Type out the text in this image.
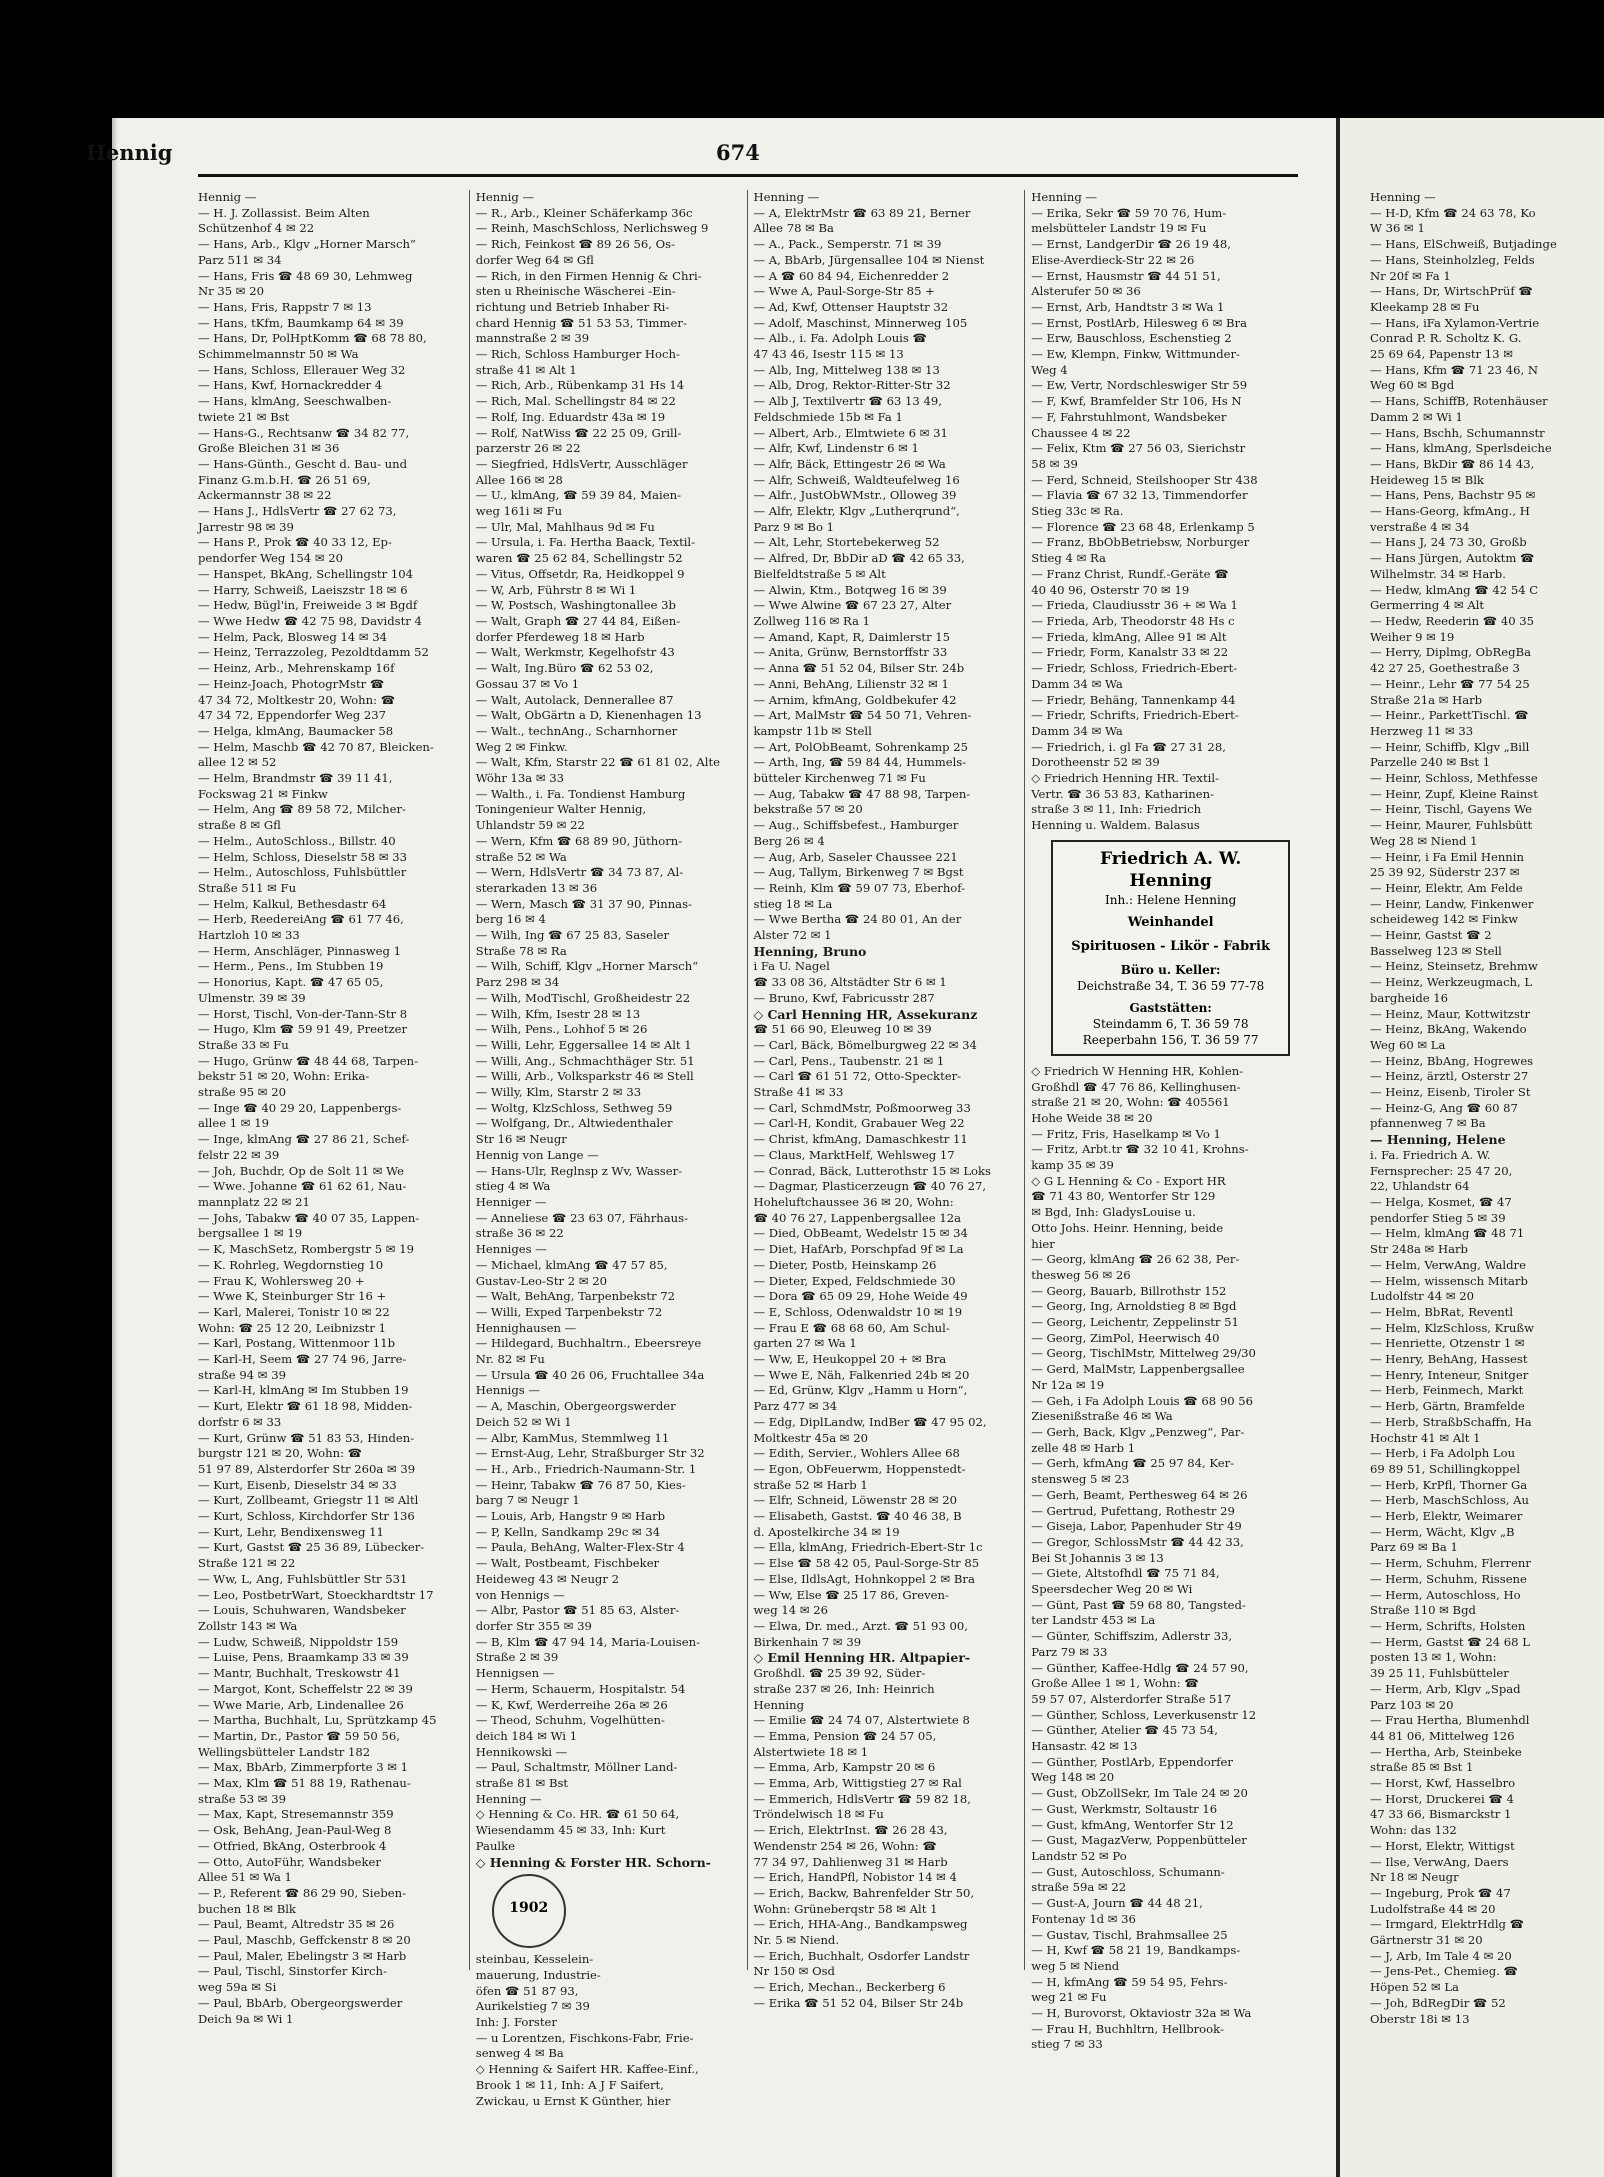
Hennig	674
Hennig —
— H. J. Zollassist. Beim Alten
Schützenhof 4 ✉ 22
— Hans, Arb., Klgv „Horner Marsch“
Parz 511 ✉ 34
— Hans, Fris ☎ 48 69 30, Lehmweg
Nr 35 ✉ 20
— Hans, Fris, Rappstr 7 ✉ 13
— Hans, tKfm, Baumkamp 64 ✉ 39
— Hans, Dr, PolHptKomm ☎ 68 78 80,
Schimmelmannstr 50 ✉ Wa
— Hans, Schloss, Ellerauer Weg 32
— Hans, Kwf, Hornackredder 4
— Hans, klmAng, Seeschwalben-
twiete 21 ✉ Bst
— Hans-G., Rechtsanw ☎ 34 82 77,
Große Bleichen 31 ✉ 36
— Hans-Günth., Gescht d. Bau- und
Finanz G.m.b.H. ☎ 26 51 69,
Ackermannstr 38 ✉ 22
— Hans J., HdlsVertr ☎ 27 62 73,
Jarrestr 98 ✉ 39
— Hans P., Prok ☎ 40 33 12, Ep-
pendorfer Weg 154 ✉ 20
— Hanspet, BkAng, Schellingstr 104
— Harry, Schweiß, Laeiszstr 18 ✉ 6
— Hedw, Bügl'in, Freiweide 3 ✉ Bgdf
— Wwe Hedw ☎ 42 75 98, Davidstr 4
— Helm, Pack, Blosweg 14 ✉ 34
— Heinz, Terrazzoleg, Pezoldtdamm 52
— Heinz, Arb., Mehrenskamp 16f
— Heinz-Joach, PhotogrMstr ☎
47 34 72, Moltkestr 20, Wohn: ☎
47 34 72, Eppendorfer Weg 237
— Helga, klmAng, Baumacker 58
— Helm, Maschb ☎ 42 70 87, Bleicken-
allee 12 ✉ 52
— Helm, Brandmstr ☎ 39 11 41,
Fockswag 21 ✉ Finkw
— Helm, Ang ☎ 89 58 72, Milcher-
straße 8 ✉ Gfl
— Helm., AutoSchloss., Billstr. 40
— Helm, Schloss, Dieselstr 58 ✉ 33
— Helm., Autoschloss, Fuhlsbüttler
Straße 511 ✉ Fu
— Helm, Kalkul, Bethesdastr 64
— Herb, ReedereiAng ☎ 61 77 46,
Hartzloh 10 ✉ 33
— Herm, Anschläger, Pinnasweg 1
— Herm., Pens., Im Stubben 19
— Honorius, Kapt. ☎ 47 65 05,
Ulmenstr. 39 ✉ 39
— Horst, Tischl, Von-der-Tann-Str 8
— Hugo, Klm ☎ 59 91 49, Preetzer
Straße 33 ✉ Fu
— Hugo, Grünw ☎ 48 44 68, Tarpen-
bekstr 51 ✉ 20, Wohn: Erika-
straße 95 ✉ 20
— Inge ☎ 40 29 20, Lappenbergs-
allee 1 ✉ 19
— Inge, klmAng ☎ 27 86 21, Schef-
felstr 22 ✉ 39
— Joh, Buchdr, Op de Solt 11 ✉ We
— Wwe. Johanne ☎ 61 62 61, Nau-
mannplatz 22 ✉ 21
— Johs, Tabakw ☎ 40 07 35, Lappen-
bergsallee 1 ✉ 19
— K, MaschSetz, Rombergstr 5 ✉ 19
— K. Rohrleg, Wegdornstieg 10
— Frau K, Wohlersweg 20 +
— Wwe K, Steinburger Str 16 +
— Karl, Malerei, Tonistr 10 ✉ 22
Wohn: ☎ 25 12 20, Leibnizstr 1
— Karl, Postang, Wittenmoor 11b
— Karl-H, Seem ☎ 27 74 96, Jarre-
straße 94 ✉ 39
— Karl-H, klmAng ✉ Im Stubben 19
— Kurt, Elektr ☎ 61 18 98, Midden-
dorfstr 6 ✉ 33
— Kurt, Grünw ☎ 51 83 53, Hinden-
burgstr 121 ✉ 20, Wohn: ☎
51 97 89, Alsterdorfer Str 260a ✉ 39
— Kurt, Eisenb, Dieselstr 34 ✉ 33
— Kurt, Zollbeamt, Griegstr 11 ✉ Altl
— Kurt, Schloss, Kirchdorfer Str 136
— Kurt, Lehr, Bendixensweg 11
— Kurt, Gastst ☎ 25 36 89, Lübecker-
Straße 121 ✉ 22
— Ww, L, Ang, Fuhlsbüttler Str 531
— Leo, PostbetrWart, Stoeckhardtstr 17
— Louis, Schuhwaren, Wandsbeker
Zollstr 143 ✉ Wa
— Ludw, Schweiß, Nippoldstr 159
— Luise, Pens, Braamkamp 33 ✉ 39
— Mantr, Buchhalt, Treskowstr 41
— Margot, Kont, Scheffelstr 22 ✉ 39
— Wwe Marie, Arb, Lindenallee 26
— Martha, Buchhalt, Lu, Sprützkamp 45
— Martin, Dr., Pastor ☎ 59 50 56,
Wellingsbütteler Landstr 182
— Max, BbArb, Zimmerpforte 3 ✉ 1
— Max, Klm ☎ 51 88 19, Rathenau-
straße 53 ✉ 39
— Max, Kapt, Stresemannstr 359
— Osk, BehAng, Jean-Paul-Weg 8
— Otfried, BkAng, Osterbrook 4
— Otto, AutoFühr, Wandsbeker
Allee 51 ✉ Wa 1
— P., Referent ☎ 86 29 90, Sieben-
buchen 18 ✉ Blk
— Paul, Beamt, Altredstr 35 ✉ 26
— Paul, Maschb, Geffckenstr 8 ✉ 20
— Paul, Maler, Ebelingstr 3 ✉ Harb
— Paul, Tischl, Sinstorfer Kirch-
weg 59a ✉ Si
— Paul, BbArb, Obergeorgswerder
Deich 9a ✉ Wi 1
Hennig —
— R., Arb., Kleiner Schäferkamp 36c
— Reinh, MaschSchloss, Nerlichsweg 9
— Rich, Feinkost ☎ 89 26 56, Os-
dorfer Weg 64 ✉ Gfl
— Rich, in den Firmen Hennig & Chri-
sten u Rheinische Wäscherei -Ein-
richtung und Betrieb Inhaber Ri-
chard Hennig ☎ 51 53 53, Timmer-
mannstraße 2 ✉ 39
— Rich, Schloss Hamburger Hoch-
straße 41 ✉ Alt 1
— Rich, Arb., Rübenkamp 31 Hs 14
— Rich, Mal. Schellingstr 84 ✉ 22
— Rolf, Ing. Eduardstr 43a ✉ 19
— Rolf, NatWiss ☎ 22 25 09, Grill-
parzerstr 26 ✉ 22
— Siegfried, HdlsVertr, Ausschläger
Allee 166 ✉ 28
— U., klmAng, ☎ 59 39 84, Maien-
weg 161i ✉ Fu
— Ulr, Mal, Mahlhaus 9d ✉ Fu
— Ursula, i. Fa. Hertha Baack, Textil-
waren ☎ 25 62 84, Schellingstr 52
— Vitus, Offsetdr, Ra, Heidkoppel 9
— W, Arb, Führstr 8 ✉ Wi 1
— W, Postsch, Washingtonallee 3b
— Walt, Graph ☎ 27 44 84, Eißen-
dorfer Pferdeweg 18 ✉ Harb
— Walt, Werkmstr, Kegelhofstr 43
— Walt, Ing.Büro ☎ 62 53 02,
Gossau 37 ✉ Vo 1
— Walt, Autolack, Dennerallee 87
— Walt, ObGärtn a D, Kienenhagen 13
— Walt., technAng., Scharnhorner
Weg 2 ✉ Finkw.
— Walt, Kfm, Starstr 22 ☎ 61 81 02, Alte
Wöhr 13a ✉ 33
— Walth., i. Fa. Tondienst Hamburg
Toningenieur Walter Hennig,
Uhlandstr 59 ✉ 22
— Wern, Kfm ☎ 68 89 90, Jüthorn-
straße 52 ✉ Wa
— Wern, HdlsVertr ☎ 34 73 87, Al-
sterarkaden 13 ✉ 36
— Wern, Masch ☎ 31 37 90, Pinnas-
berg 16 ✉ 4
— Wilh, Ing ☎ 67 25 83, Saseler
Straße 78 ✉ Ra
— Wilh, Schiff, Klgv „Horner Marsch“
Parz 298 ✉ 34
— Wilh, ModTischl, Großheidestr 22
— Wilh, Kfm, Isestr 28 ✉ 13
— Wilh, Pens., Lohhof 5 ✉ 26
— Willi, Lehr, Eggersallee 14 ✉ Alt 1
— Willi, Ang., Schmachthäger Str. 51
— Willi, Arb., Volksparkstr 46 ✉ Stell
— Willy, Klm, Starstr 2 ✉ 33
— Woltg, KlzSchloss, Sethweg 59
— Wolfgang, Dr., Altwiedenthaler
Str 16 ✉ Neugr
Hennig von Lange —
— Hans-Ulr, Reglnsp z Wv, Wasser-
stieg 4 ✉ Wa
Henniger —
— Anneliese ☎ 23 63 07, Fährhaus-
straße 36 ✉ 22
Henniges —
— Michael, klmAng ☎ 47 57 85,
Gustav-Leo-Str 2 ✉ 20
— Walt, BehAng, Tarpenbekstr 72
— Willi, Exped Tarpenbekstr 72
Hennighausen —
— Hildegard, Buchhaltrn., Ebeersreye
Nr. 82 ✉ Fu
— Ursula ☎ 40 26 06, Fruchtallee 34a
Hennigs —
— A, Maschin, Obergeorgswerder
Deich 52 ✉ Wi 1
— Albr, KamMus, Stemmlweg 11
— Ernst-Aug, Lehr, Straßburger Str 32
— H., Arb., Friedrich-Naumann-Str. 1
— Heinr, Tabakw ☎ 76 87 50, Kies-
barg 7 ✉ Neugr 1
— Louis, Arb, Hangstr 9 ✉ Harb
— P, Kelln, Sandkamp 29c ✉ 34
— Paula, BehAng, Walter-Flex-Str 4
— Walt, Postbeamt, Fischbeker
Heideweg 43 ✉ Neugr 2
von Hennigs —
— Albr, Pastor ☎ 51 85 63, Alster-
dorfer Str 355 ✉ 39
— B, Klm ☎ 47 94 14, Maria-Louisen-
Straße 2 ✉ 39
Hennigsen —
— Herm, Schauerm, Hospitalstr. 54
— K, Kwf, Werderreihe 26a ✉ 26
— Theod, Schuhm, Vogelhütten-
deich 184 ✉ Wi 1
Hennikowski —
— Paul, Schaltmstr, Möllner Land-
straße 81 ✉ Bst
Henning —
◇ Henning & Co. HR. ☎ 61 50 64,
Wiesendamm 45 ✉ 33, Inh: Kurt
Paulke
◇ Henning & Forster HR. Schorn-
1902
steinbau, Kesselein-
mauerung, Industrie-
öfen ☎ 51 87 93,
Aurikelstieg 7 ✉ 39
Inh: J. Forster
— u Lorentzen, Fischkons-Fabr, Frie-
senweg 4 ✉ Ba
◇ Henning & Saifert HR. Kaffee-Einf.,
Brook 1 ✉ 11, Inh: A J F Saifert,
Zwickau, u Ernst K Günther, hier
Henning —
— A, ElektrMstr ☎ 63 89 21, Berner
Allee 78 ✉ Ba
— A., Pack., Semperstr. 71 ✉ 39
— A, BbArb, Jürgensallee 104 ✉ Nienst
— A ☎ 60 84 94, Eichenredder 2
— Wwe A, Paul-Sorge-Str 85 +
— Ad, Kwf, Ottenser Hauptstr 32
— Adolf, Maschinst, Minnerweg 105
— Alb., i. Fa. Adolph Louis ☎
47 43 46, Isestr 115 ✉ 13
— Alb, Ing, Mittelweg 138 ✉ 13
— Alb, Drog, Rektor-Ritter-Str 32
— Alb J, Textilvertr ☎ 63 13 49,
Feldschmiede 15b ✉ Fa 1
— Albert, Arb., Elmtwiete 6 ✉ 31
— Alfr, Kwf, Lindenstr 6 ✉ 1
— Alfr, Bäck, Ettingestr 26 ✉ Wa
— Alfr, Schweiß, Waldteufelweg 16
— Alfr., JustObWMstr., Olloweg 39
— Alfr, Elektr, Klgv „Lutherqrund“,
Parz 9 ✉ Bo 1
— Alt, Lehr, Stortebekerweg 52
— Alfred, Dr, BbDir aD ☎ 42 65 33,
Bielfeldtstraße 5 ✉ Alt
— Alwin, Ktm., Botqweg 16 ✉ 39
— Wwe Alwine ☎ 67 23 27, Alter
Zollweg 116 ✉ Ra 1
— Amand, Kapt, R, Daimlerstr 15
— Anita, Grünw, Bernstorffstr 33
— Anna ☎ 51 52 04, Bilser Str. 24b
— Anni, BehAng, Lilienstr 32 ✉ 1
— Arnim, kfmAng, Goldbekufer 42
— Art, MalMstr ☎ 54 50 71, Vehren-
kampstr 11b ✉ Stell
— Art, PolObBeamt, Sohrenkamp 25
— Arth, Ing, ☎ 59 84 44, Hummels-
bütteler Kirchenweg 71 ✉ Fu
— Aug, Tabakw ☎ 47 88 98, Tarpen-
bekstraße 57 ✉ 20
— Aug., Schiffsbefest., Hamburger
Berg 26 ✉ 4
— Aug, Arb, Saseler Chaussee 221
— Aug, Tallym, Birkenweg 7 ✉ Bgst
— Reinh, Klm ☎ 59 07 73, Eberhof-
stieg 18 ✉ La
— Wwe Bertha ☎ 24 80 01, An der
Alster 72 ✉ 1
Henning, Bruno
i Fa U. Nagel
☎ 33 08 36, Altstädter Str 6 ✉ 1
— Bruno, Kwf, Fabricusstr 287
◇ Carl Henning HR, Assekuranz
☎ 51 66 90, Eleuweg 10 ✉ 39
— Carl, Bäck, Bömelburgweg 22 ✉ 34
— Carl, Pens., Taubenstr. 21 ✉ 1
— Carl ☎ 61 51 72, Otto-Speckter-
Straße 41 ✉ 33
— Carl, SchmdMstr, Poßmoorweg 33
— Carl-H, Kondit, Grabauer Weg 22
— Christ, kfmAng, Damaschkestr 11
— Claus, MarktHelf, Wehlsweg 17
— Conrad, Bäck, Lutterothstr 15 ✉ Loks
— Dagmar, Plasticerzeugn ☎ 40 76 27,
Hoheluftchaussee 36 ✉ 20, Wohn:
☎ 40 76 27, Lappenbergsallee 12a
— Died, ObBeamt, Wedelstr 15 ✉ 34
— Diet, HafArb, Porschpfad 9f ✉ La
— Dieter, Postb, Heinskamp 26
— Dieter, Exped, Feldschmiede 30
— Dora ☎ 65 09 29, Hohe Weide 49
— E, Schloss, Odenwaldstr 10 ✉ 19
— Frau E ☎ 68 68 60, Am Schul-
garten 27 ✉ Wa 1
— Ww, E, Heukoppel 20 + ✉ Bra
— Wwe E, Näh, Falkenried 24b ✉ 20
— Ed, Grünw, Klgv „Hamm u Horn“,
Parz 477 ✉ 34
— Edg, DiplLandw, IndBer ☎ 47 95 02,
Moltkestr 45a ✉ 20
— Edith, Servier., Wohlers Allee 68
— Egon, ObFeuerwm, Hoppenstedt-
straße 52 ✉ Harb 1
— Elfr, Schneid, Löwenstr 28 ✉ 20
— Elisabeth, Gastst. ☎ 40 46 38, B
d. Apostelkirche 34 ✉ 19
— Ella, klmAng, Friedrich-Ebert-Str 1c
— Else ☎ 58 42 05, Paul-Sorge-Str 85
— Else, IldlsAgt, Hohnkoppel 2 ✉ Bra
— Ww, Else ☎ 25 17 86, Greven-
weg 14 ✉ 26
— Elwa, Dr. med., Arzt. ☎ 51 93 00,
Birkenhain 7 ✉ 39
◇ Emil Henning HR. Altpapier-
Großhdl. ☎ 25 39 92, Süder-
straße 237 ✉ 26, Inh: Heinrich
Henning
— Emilie ☎ 24 74 07, Alstertwiete 8
— Emma, Pension ☎ 24 57 05,
Alstertwiete 18 ✉ 1
— Emma, Arb, Kampstr 20 ✉ 6
— Emma, Arb, Wittigstieg 27 ✉ Ral
— Emmerich, HdlsVertr ☎ 59 82 18,
Tröndelwisch 18 ✉ Fu
— Erich, ElektrInst. ☎ 26 28 43,
Wendenstr 254 ✉ 26, Wohn: ☎
77 34 97, Dahlienweg 31 ✉ Harb
— Erich, HandPfl, Nobistor 14 ✉ 4
— Erich, Backw, Bahrenfelder Str 50,
Wohn: Grüneberqstr 58 ✉ Alt 1
— Erich, HHA-Ang., Bandkampsweg
Nr. 5 ✉ Niend.
— Erich, Buchhalt, Osdorfer Landstr
Nr 150 ✉ Osd
— Erich, Mechan., Beckerberg 6
— Erika ☎ 51 52 04, Bilser Str 24b
Henning —
— Erika, Sekr ☎ 59 70 76, Hum-
melsbütteler Landstr 19 ✉ Fu
— Ernst, LandgerDir ☎ 26 19 48,
Elise-Averdieck-Str 22 ✉ 26
— Ernst, Hausmstr ☎ 44 51 51,
Alsterufer 50 ✉ 36
— Ernst, Arb, Handtstr 3 ✉ Wa 1
— Ernst, PostlArb, Hilesweg 6 ✉ Bra
— Erw, Bauschloss, Eschenstieg 2
— Ew, Klempn, Finkw, Wittmunder-
Weg 4
— Ew, Vertr, Nordschleswiger Str 59
— F, Kwf, Bramfelder Str 106, Hs N
— F, Fahrstuhlmont, Wandsbeker
Chaussee 4 ✉ 22
— Felix, Ktm ☎ 27 56 03, Sierichstr
58 ✉ 39
— Ferd, Schneid, Steilshooper Str 438
— Flavia ☎ 67 32 13, Timmendorfer
Stieg 33c ✉ Ra.
— Florence ☎ 23 68 48, Erlenkamp 5
— Franz, BbObBetriebsw, Norburger
Stieg 4 ✉ Ra
— Franz Christ, Rundf.-Geräte ☎
40 40 96, Osterstr 70 ✉ 19
— Frieda, Claudiusstr 36 + ✉ Wa 1
— Frieda, Arb, Theodorstr 48 Hs c
— Frieda, klmAng, Allee 91 ✉ Alt
— Friedr, Form, Kanalstr 33 ✉ 22
— Friedr, Schloss, Friedrich-Ebert-
Damm 34 ✉ Wa
— Friedr, Behäng, Tannenkamp 44
— Friedr, Schrifts, Friedrich-Ebert-
Damm 34 ✉ Wa
— Friedrich, i. gl Fa ☎ 27 31 28,
Dorotheenstr 52 ✉ 39
◇ Friedrich Henning HR. Textil-
Vertr. ☎ 36 53 83, Katharinen-
straße 3 ✉ 11, Inh: Friedrich
Henning u. Waldem. Balasus
Friedrich A. W. Henning
Inh.: Helene Henning
Weinhandel
Spirituosen - Likör - Fabrik
Büro u. Keller:
Deichstraße 34, T. 36 59 77-78
Gaststätten:
Steindamm 6, T. 36 59 78
Reeperbahn 156, T. 36 59 77
◇ Friedrich W Henning HR, Kohlen-
Großhdl ☎ 47 76 86, Kellinghusen-
straße 21 ✉ 20, Wohn: ☎ 405561
Hohe Weide 38 ✉ 20
— Fritz, Fris, Haselkamp ✉ Vo 1
— Fritz, Arbt.tr ☎ 32 10 41, Krohns-
kamp 35 ✉ 39
◇ G L Henning & Co - Export HR
☎ 71 43 80, Wentorfer Str 129
✉ Bgd, Inh: GladysLouise u.
Otto Johs. Heinr. Henning, beide
hier
— Georg, klmAng ☎ 26 62 38, Per-
thesweg 56 ✉ 26
— Georg, Bauarb, Billrothstr 152
— Georg, Ing, Arnoldstieg 8 ✉ Bgd
— Georg, Leichentr, Zeppelinstr 51
— Georg, ZimPol, Heerwisch 40
— Georg, TischlMstr, Mittelweg 29/30
— Gerd, MalMstr, Lappenbergsallee
Nr 12a ✉ 19
— Geh, i Fa Adolph Louis ☎ 68 90 56
Ziesenißstraße 46 ✉ Wa
— Gerh, Back, Klgv „Penzweg“, Par-
zelle 48 ✉ Harb 1
— Gerh, kfmAng ☎ 25 97 84, Ker-
stensweg 5 ✉ 23
— Gerh, Beamt, Perthesweg 64 ✉ 26
— Gertrud, Pufettang, Rothestr 29
— Giseja, Labor, Papenhuder Str 49
— Gregor, SchlossMstr ☎ 44 42 33,
Bei St Johannis 3 ✉ 13
— Giete, Altstofhdl ☎ 75 71 84,
Speersdecher Weg 20 ✉ Wi
— Günt, Past ☎ 59 68 80, Tangsted-
ter Landstr 453 ✉ La
— Günter, Schiffszim, Adlerstr 33,
Parz 79 ✉ 33
— Günther, Kaffee-Hdlg ☎ 24 57 90,
Große Allee 1 ✉ 1, Wohn: ☎
59 57 07, Alsterdorfer Straße 517
— Günther, Schloss, Leverkusenstr 12
— Günther, Atelier ☎ 45 73 54,
Hansastr. 42 ✉ 13
— Günther, PostlArb, Eppendorfer
Weg 148 ✉ 20
— Gust, ObZollSekr, Im Tale 24 ✉ 20
— Gust, Werkmstr, Soltaustr 16
— Gust, kfmAng, Wentorfer Str 12
— Gust, MagazVerw, Poppenbütteler
Landstr 52 ✉ Po
— Gust, Autoschloss, Schumann-
straße 59a ✉ 22
— Gust-A, Journ ☎ 44 48 21,
Fontenay 1d ✉ 36
— Gustav, Tischl, Brahmsallee 25
— H, Kwf ☎ 58 21 19, Bandkamps-
weg 5 ✉ Niend
— H, kfmAng ☎ 59 54 95, Fehrs-
weg 21 ✉ Fu
— H, Burovorst, Oktaviostr 32a ✉ Wa
— Frau H, Buchhltrn, Hellbrook-
stieg 7 ✉ 33
Henning —
— H-D, Kfm ☎ 24 63 78, Ko
W 36 ✉ 1
— Hans, ElSchweiß, Butjadinge
— Hans, Steinholzleg, Felds
Nr 20f ✉ Fa 1
— Hans, Dr, WirtschPrüf ☎
Kleekamp 28 ✉ Fu
— Hans, iFa Xylamon-Vertrie
Conrad P. R. Scholtz K. G.
25 69 64, Papenstr 13 ✉
— Hans, Kfm ☎ 71 23 46, N
Weg 60 ✉ Bgd
— Hans, SchiffB, Rotenhäuser
Damm 2 ✉ Wi 1
— Hans, Bschh, Schumannstr
— Hans, klmAng, Sperlsdeiche
— Hans, BkDir ☎ 86 14 43,
Heideweg 15 ✉ Blk
— Hans, Pens, Bachstr 95 ✉
— Hans-Georg, kfmAng., H
verstraße 4 ✉ 34
— Hans J, 24 73 30, Großb
— Hans Jürgen, Autoktm ☎
Wilhelmstr. 34 ✉ Harb.
— Hedw, klmAng ☎ 42 54 C
Germerring 4 ✉ Alt
— Hedw, Reederin ☎ 40 35
Weiher 9 ✉ 19
— Herry, Diplmg, ObRegBa
42 27 25, Goethestraße 3
— Heinr., Lehr ☎ 77 54 25
Straße 21a ✉ Harb
— Heinr., ParkettTischl. ☎
Herzweg 11 ✉ 33
— Heinr, Schiffb, Klgv „Bill
Parzelle 240 ✉ Bst 1
— Heinr, Schloss, Methfesse
— Heinr, Zupf, Kleine Rainst
— Heinr, Tischl, Gayens We
— Heinr, Maurer, Fuhlsbütt
Weg 28 ✉ Niend 1
— Heinr, i Fa Emil Hennin
25 39 92, Süderstr 237 ✉
— Heinr, Elektr, Am Felde
— Heinr, Landw, Finkenwer
scheideweg 142 ✉ Finkw
— Heinr, Gastst ☎ 2
Basselweg 123 ✉ Stell
— Heinz, Steinsetz, Brehmw
— Heinz, Werkzeugmach, L
bargheide 16
— Heinz, Maur, Kottwitzstr
— Heinz, BkAng, Wakendo
Weg 60 ✉ La
— Heinz, BbAng, Hogrewes
— Heinz, ärztl, Osterstr 27
— Heinz, Eisenb, Tiroler St
— Heinz-G, Ang ☎ 60 87
pfannenweg 7 ✉ Ba
— Henning, Helene
i. Fa. Friedrich A. W.
Fernsprecher: 25 47 20,
22, Uhlandstr 64
— Helga, Kosmet, ☎ 47
pendorfer Stieg 5 ✉ 39
— Helm, klmAng ☎ 48 71
Str 248a ✉ Harb
— Helm, VerwAng, Waldre
— Helm, wissensch Mitarb
Ludolfstr 44 ✉ 20
— Helm, BbRat, Reventl
— Helm, KlzSchloss, Krußw
— Henriette, Otzenstr 1 ✉
— Henry, BehAng, Hassest
— Henry, Inteneur, Snitger
— Herb, Feinmech, Markt
— Herb, Gärtn, Bramfelde
— Herb, StraßbSchaffn, Ha
Hochstr 41 ✉ Alt 1
— Herb, i Fa Adolph Lou
69 89 51, Schillingkoppel
— Herb, KrPfl, Thorner Ga
— Herb, MaschSchloss, Au
— Herb, Elektr, Weimarer
— Herm, Wächt, Klgv „B
Parz 69 ✉ Ba 1
— Herm, Schuhm, Flerrenr
— Herm, Schuhm, Rissene
— Herm, Autoschloss, Ho
Straße 110 ✉ Bgd
— Herm, Schrifts, Holsten
— Herm, Gastst ☎ 24 68 L
posten 13 ✉ 1, Wohn:
39 25 11, Fuhlsbütteler
— Herm, Arb, Klgv „Spad
Parz 103 ✉ 20
— Frau Hertha, Blumenhdl
44 81 06, Mittelweg 126
— Hertha, Arb, Steinbeke
straße 85 ✉ Bst 1
— Horst, Kwf, Hasselbro
— Horst, Druckerei ☎ 4
47 33 66, Bismarckstr 1
Wohn: das 132
— Horst, Elektr, Wittigst
— Ilse, VerwAng, Daers
Nr 18 ✉ Neugr
— Ingeburg, Prok ☎ 47
Ludolfstraße 44 ✉ 20
— Irmgard, ElektrHdlg ☎
Gärtnerstr 31 ✉ 20
— J, Arb, Im Tale 4 ✉ 20
— Jens-Pet., Chemieg. ☎
Höpen 52 ✉ La
— Joh, BdRegDir ☎ 52
Oberstr 18i ✉ 13
